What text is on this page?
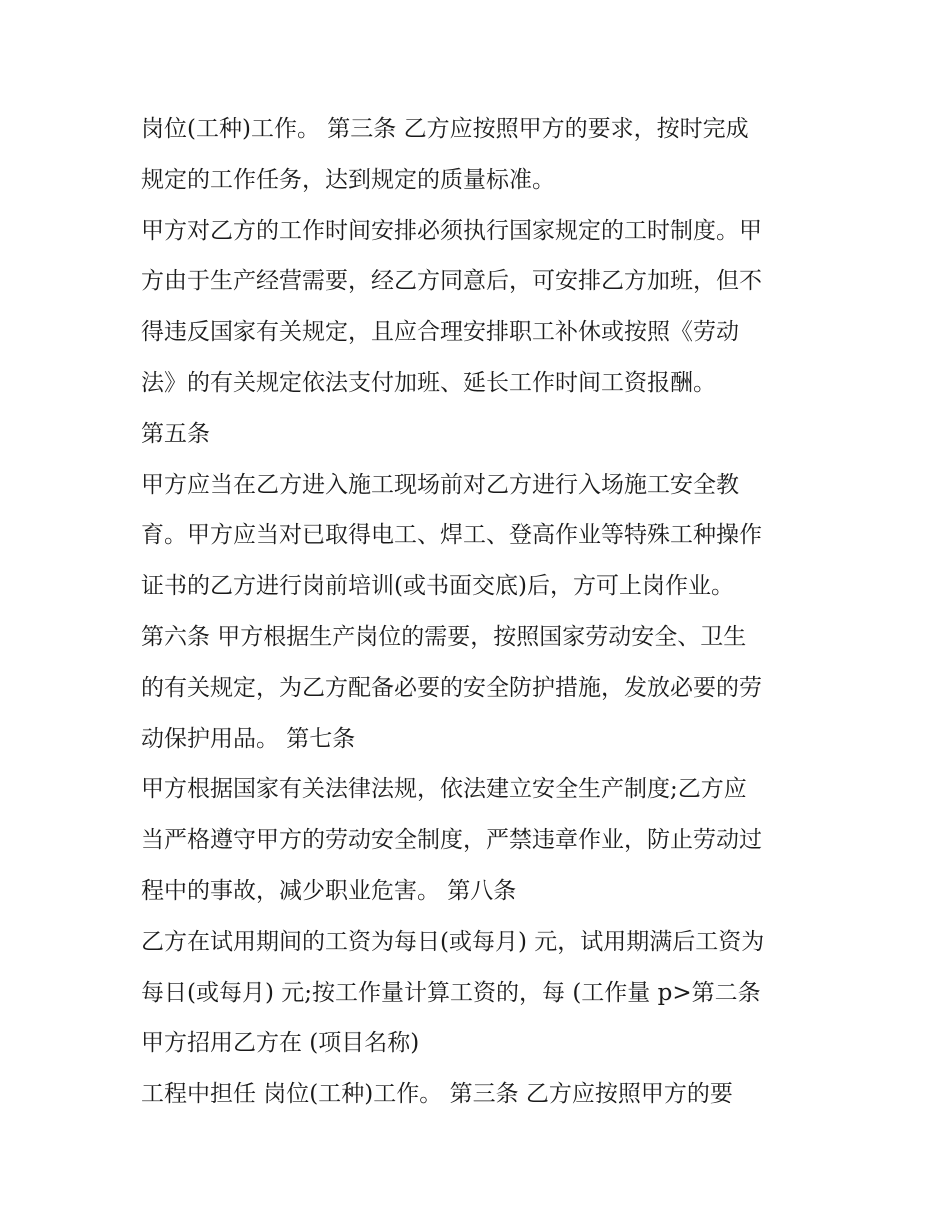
岗位(工种)工作。 第三条 乙方应按照甲方的要求，按时完成
规定的工作任务，达到规定的质量标准。
甲方对乙方的工作时间安排必须执行国家规定的工时制度。甲
方由于生产经营需要，经乙方同意后，可安排乙方加班，但不
得违反国家有关规定，且应合理安排职工补休或按照《劳动
法》的有关规定依法支付加班、延长工作时间工资报酬。
第五条
甲方应当在乙方进入施工现场前对乙方进行入场施工安全教
育。甲方应当对已取得电工、焊工、登高作业等特殊工种操作
证书的乙方进行岗前培训(或书面交底)后，方可上岗作业。
第六条 甲方根据生产岗位的需要，按照国家劳动安全、卫生
的有关规定，为乙方配备必要的安全防护措施，发放必要的劳
动保护用品。 第七条
甲方根据国家有关法律法规，依法建立安全生产制度;乙方应
当严格遵守甲方的劳动安全制度，严禁违章作业，防止劳动过
程中的事故，减少职业危害。 第八条
乙方在试用期间的工资为每日(或每月) 元，试用期满后工资为
每日(或每月) 元;按工作量计算工资的，每 (工作量 p>第二条
甲方招用乙方在 (项目名称)
工程中担任 岗位(工种)工作。 第三条 乙方应按照甲方的要
